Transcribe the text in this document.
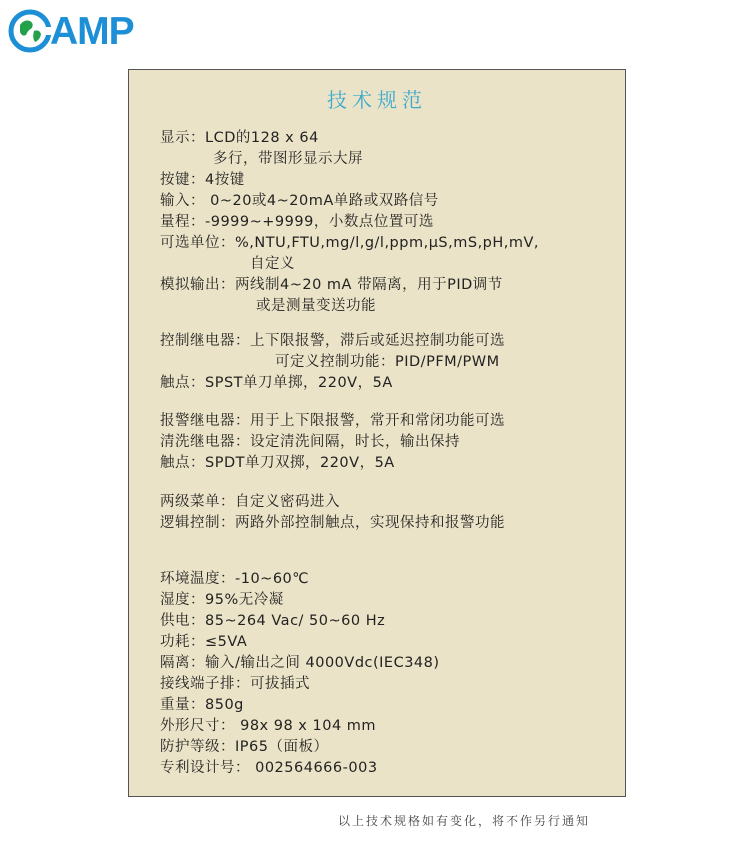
AMP
技术规范
显示：LCD的128 x 64
多行，带图形显示大屏
按键：4按键
输入： 0~20或4~20mA单路或双路信号
量程：-9999~+9999，小数点位置可选
可选单位：%,NTU,FTU,mg/l,g/l,ppm,μS,mS,pH,mV,
自定义
模拟输出：两线制4~20 mA 带隔离，用于PID调节
或是测量变送功能
控制继电器：上下限报警，滞后或延迟控制功能可选
可定义控制功能：PID/PFM/PWM
触点：SPST单刀单掷，220V，5A
报警继电器：用于上下限报警，常开和常闭功能可选
清洗继电器：设定清洗间隔，时长，输出保持
触点：SPDT单刀双掷，220V，5A
两级菜单：自定义密码进入
逻辑控制：两路外部控制触点，实现保持和报警功能
环境温度：-10~60℃
湿度：95%无冷凝
供电：85~264 Vac/ 50~60 Hz
功耗：≤5VA
隔离：输入/输出之间 4000Vdc(IEC348)
接线端子排：可拔插式
重量：850g
外形尺寸： 98x 98 x 104 mm
防护等级：IP65（面板）
专利设计号： 002564666-003
以上技术规格如有变化，将不作另行通知
